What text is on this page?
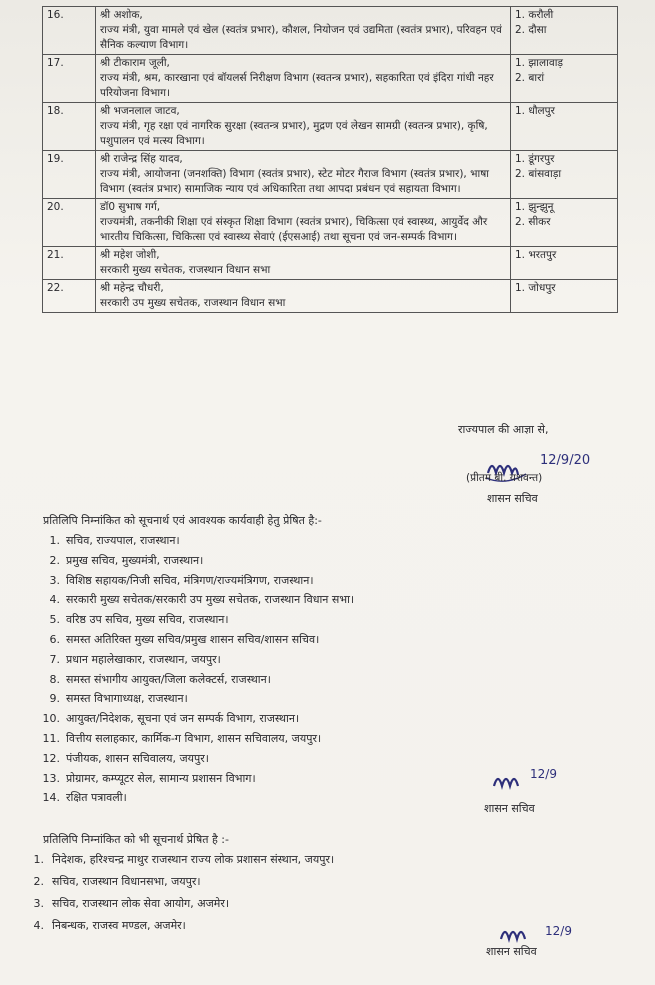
16.	श्री अशोक,
राज्य मंत्री, युवा मामले एवं खेल (स्वतंत्र प्रभार), कौशल, नियोजन एवं उद्यमिता (स्वतंत्र प्रभार), परिवहन एवं सैनिक कल्याण विभाग।	1. करौली
2. दौसा

17.	श्री टीकाराम जूली,
राज्य मंत्री, श्रम, कारखाना एवं बॉयलर्स निरीक्षण विभाग (स्वतन्त्र प्रभार), सहकारिता एवं इंदिरा गांधी नहर परियोजना विभाग।	1. झालावाड़
2. बारां

18.	श्री भजनलाल जाटव,
राज्य मंत्री, गृह रक्षा एवं नागरिक सुरक्षा (स्वतन्त्र प्रभार), मुद्रण एवं लेखन सामग्री (स्वतन्त्र प्रभार), कृषि, पशुपालन एवं मत्स्य विभाग।	1. धौलपुर

19.	श्री राजेन्द्र सिंह यादव,
राज्य मंत्री, आयोजना (जनशक्ति) विभाग (स्वतंत्र प्रभार), स्टेट मोटर गैराज विभाग (स्वतंत्र प्रभार), भाषा विभाग (स्वतंत्र प्रभार) सामाजिक न्याय एवं अधिकारिता तथा आपदा प्रबंधन एवं सहायता विभाग।	1. डूंगरपुर
2. बांसवाड़ा

20.	डॉ0 सुभाष गर्ग,
राज्यमंत्री, तकनीकी शिक्षा एवं संस्कृत शिक्षा विभाग (स्वतंत्र प्रभार), चिकित्सा एवं स्वास्थ्य, आयुर्वेद और भारतीय चिकित्सा, चिकित्सा एवं स्वास्थ्य सेवाएं (ईएसआई) तथा सूचना एवं जन-सम्पर्क विभाग।	1. झुन्झुनू
2. सीकर

21.	श्री महेश जोशी,
सरकारी मुख्य सचेतक, राजस्थान विधान सभा	1. भरतपुर

22.	श्री महेन्द्र चौधरी,
सरकारी उप मुख्य सचेतक, राजस्थान विधान सभा	1. जोधपुर
राज्यपाल की आज्ञा से,
12/9/20
(प्रीतम बी. यशवन्त)
शासन सचिव
प्रतिलिपि निम्नांकित को सूचनार्थ एवं आवश्यक कार्यवाही हेतु प्रेषित है:-
1. सचिव, राज्यपाल, राजस्थान।
2. प्रमुख सचिव, मुख्यमंत्री, राजस्थान।
3. विशिष्ठ सहायक/निजी सचिव, मंत्रिगण/राज्यमंत्रिगण, राजस्थान।
4. सरकारी मुख्य सचेतक/सरकारी उप मुख्य सचेतक, राजस्थान विधान सभा।
5. वरिष्ठ उप सचिव, मुख्य सचिव, राजस्थान।
6. समस्त अतिरिक्त मुख्य सचिव/प्रमुख शासन सचिव/शासन सचिव।
7. प्रधान महालेखाकार, राजस्थान, जयपुर।
8. समस्त संभागीय आयुक्त/जिला कलेक्टर्स, राजस्थान।
9. समस्त विभागाध्यक्ष, राजस्थान।
10. आयुक्त/निदेशक, सूचना एवं जन सम्पर्क विभाग, राजस्थान।
11. वित्तीय सलाहकार, कार्मिक-ग विभाग, शासन सचिवालय, जयपुर।
12. पंजीयक, शासन सचिवालय, जयपुर।
13. प्रोग्रामर, कम्प्यूटर सेल, सामान्य प्रशासन विभाग।
14. रक्षित पत्रावली।
12/9
शासन सचिव
प्रतिलिपि निम्नांकित को भी सूचनार्थ प्रेषित है :-
1. निदेशक, हरिश्चन्द्र माथुर राजस्थान राज्य लोक प्रशासन संस्थान, जयपुर।
2. सचिव, राजस्थान विधानसभा, जयपुर।
3. सचिव, राजस्थान लोक सेवा आयोग, अजमेर।
4. निबन्धक, राजस्व मण्डल, अजमेर।	12/9
शासन सचिव
